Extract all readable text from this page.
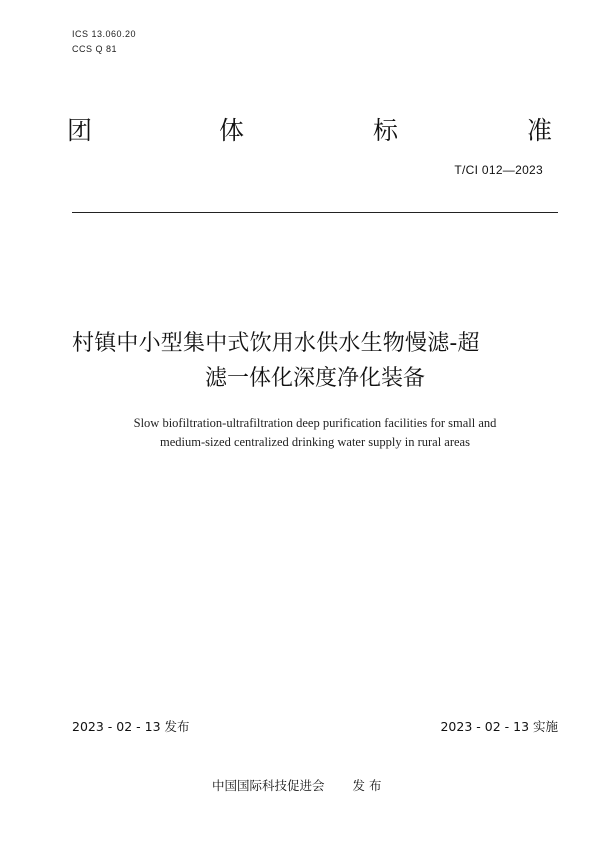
ICS 13.060.20
CCS Q 81
团	体	标	准
T/CI 012—2023
村镇中小型集中式饮用水供水生物慢滤-超
滤一体化深度净化装备
Slow biofiltration-ultrafiltration deep purification facilities for small and
medium-sized centralized drinking water supply in rural areas
2023 - 02 - 13 发布	2023 - 02 - 13 实施
中国国际科技促进会 发 布
